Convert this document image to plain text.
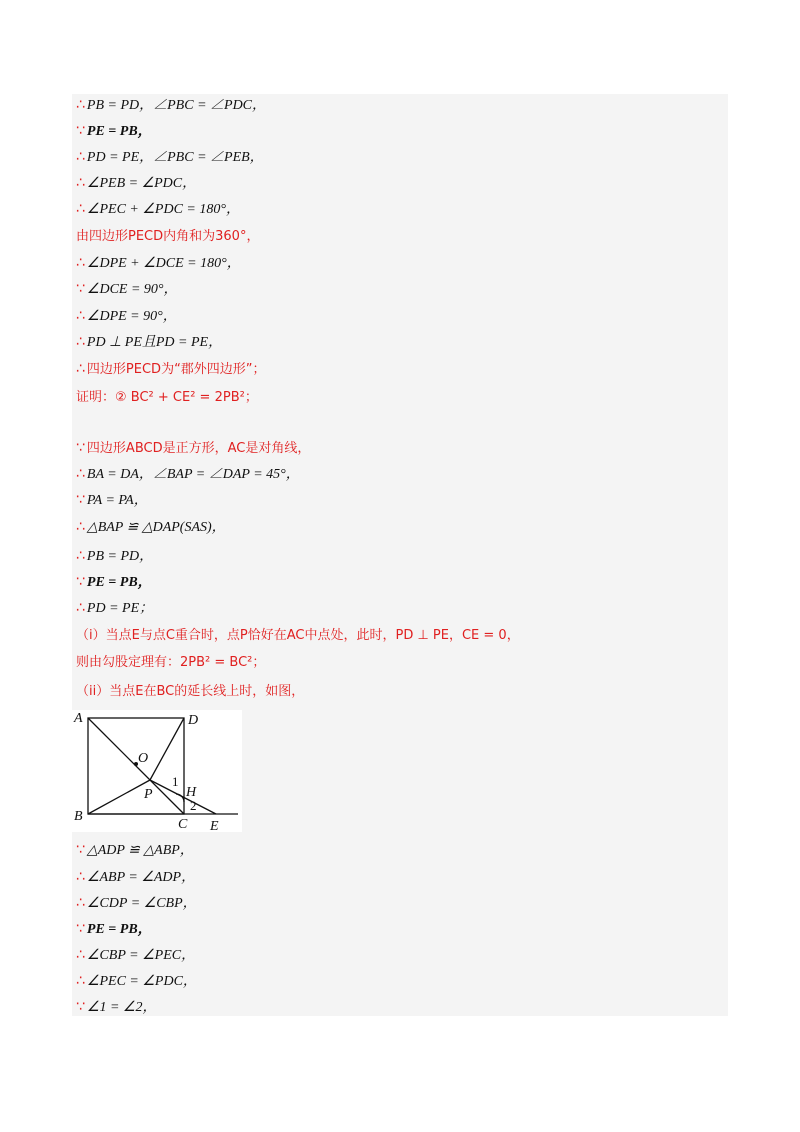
∴ PB = PD，∠PBC = ∠PDC，
∵ PE = PB，
∴ PD = PE，∠PBC = ∠PEB，
∴ ∠PEB = ∠PDC，
∴ ∠PEC + ∠PDC = 180°，
由四边形PECD内角和为360°，
∴ ∠DPE + ∠DCE = 180°，
∵ ∠DCE = 90°，
∴ ∠DPE = 90°，
∴ PD ⊥ PE且PD = PE，
∴ 四边形PECD为“郡外四边形”；
证明：② BC² + CE² = 2PB²；
∵ 四边形ABCD是正方形，AC是对角线，
∴ BA = DA，∠BAP = ∠DAP = 45°，
∵ PA = PA，
∴ △BAP ≌ △DAP(SAS)，
∴ PB = PD，
∵ PE = PB，
∴ PD = PE；
（i）当点E与点C重合时，点P恰好在AC中点处，此时，PD ⊥ PE，CE = 0，
则由勾股定理有：2PB² = BC²；
（ii）当点E在BC的延长线上时，如图，
∵ △ADP ≌ △ABP，
∴ ∠ABP = ∠ADP，
∴ ∠CDP = ∠CBP，
∵ PE = PB，
∴ ∠CBP = ∠PEC，
∴ ∠PEC = ∠PDC，
∵ ∠1 = ∠2，
A	D
B
C E
O
P H
1
2
